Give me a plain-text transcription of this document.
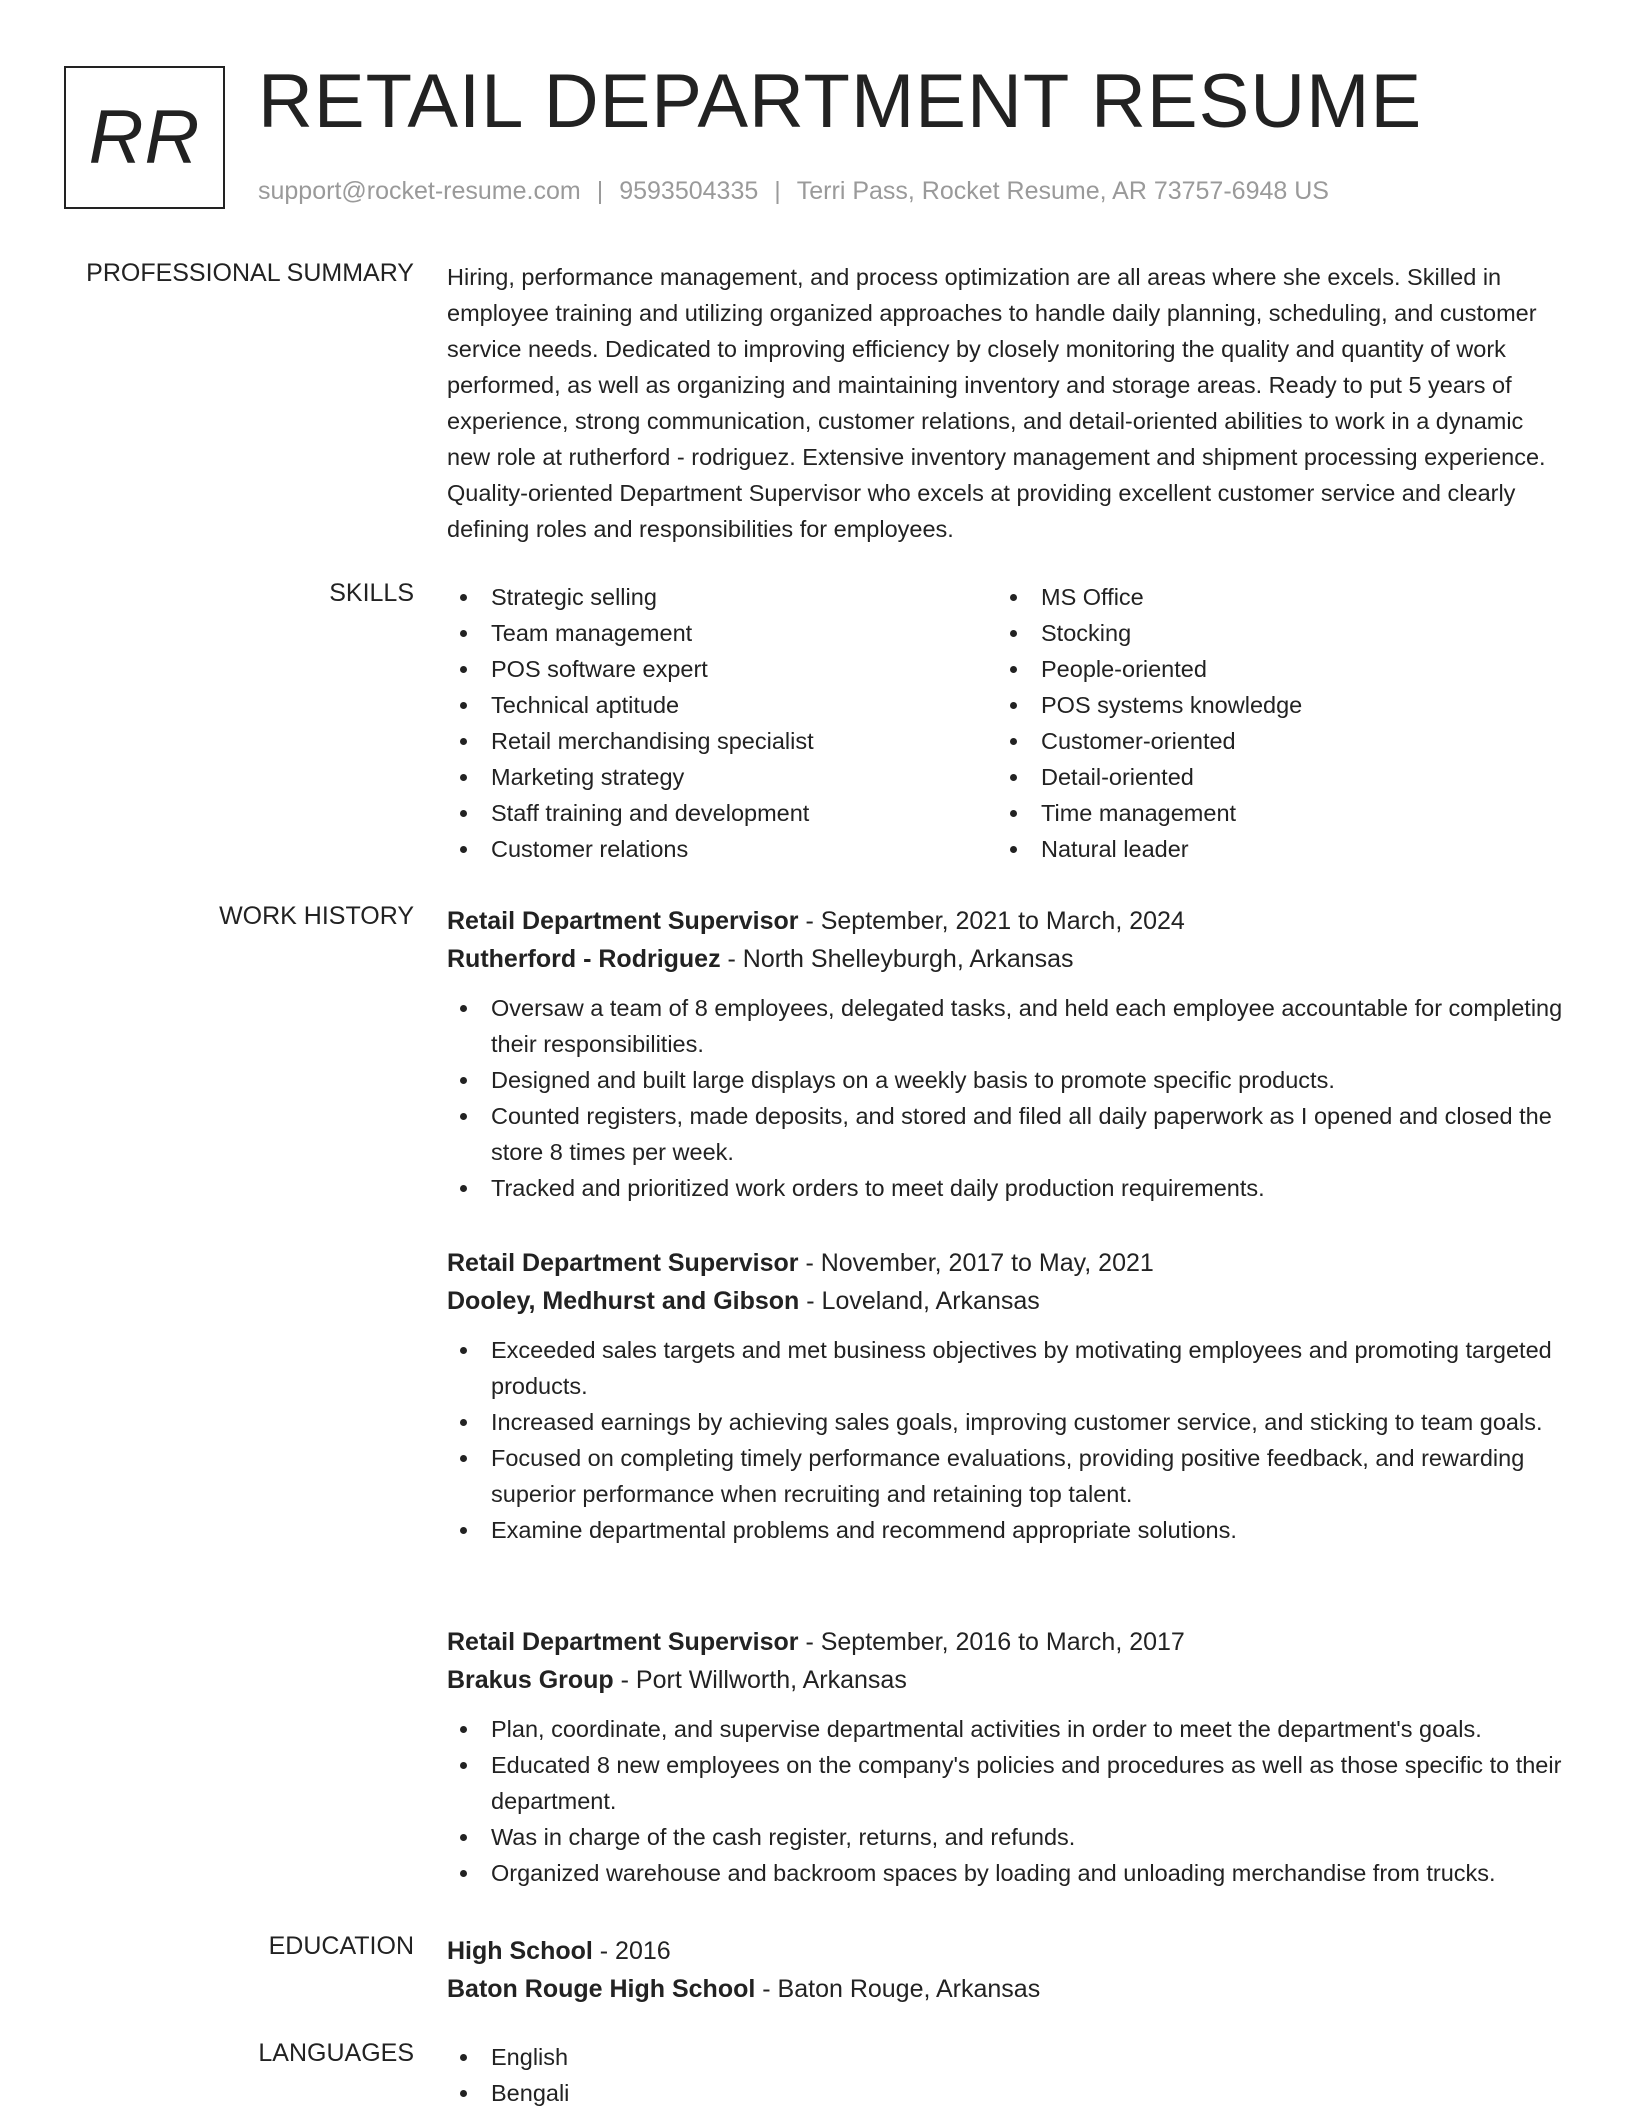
RR RETAIL DEPARTMENT RESUME
support@rocket-resume.com | 9593504335 | Terri Pass, Rocket Resume, AR 73757-6948 US
PROFESSIONAL SUMMARY Hiring, performance management, and process optimization are all areas where she excels. Skilled in employee training and utilizing organized approaches to handle daily planning, scheduling, and customer service needs. Dedicated to improving efficiency by closely monitoring the quality and quantity of work performed, as well as organizing and maintaining inventory and storage areas. Ready to put 5 years of experience, strong communication, customer relations, and detail-oriented abilities to work in a dynamic new role at rutherford - rodriguez. Extensive inventory management and shipment processing experience. Quality-oriented Department Supervisor who excels at providing excellent customer service and clearly defining roles and responsibilities for employees.
SKILLS	Strategic selling
Team management
POS software expert
Technical aptitude
Retail merchandising specialist
Marketing strategy
Staff training and development
Customer relations
MS Office
Stocking
People-oriented
POS systems knowledge
Customer-oriented
Detail-oriented
Time management
Natural leader
WORK HISTORY Retail Department Supervisor - September, 2021 to March, 2024
Rutherford - Rodriguez - North Shelleyburgh, Arkansas
Oversaw a team of 8 employees, delegated tasks, and held each employee accountable for completing their responsibilities.
Designed and built large displays on a weekly basis to promote specific products.
Counted registers, made deposits, and stored and filed all daily paperwork as I opened and closed the store 8 times per week.
Tracked and prioritized work orders to meet daily production requirements.
Retail Department Supervisor - November, 2017 to May, 2021
Dooley, Medhurst and Gibson - Loveland, Arkansas
Exceeded sales targets and met business objectives by motivating employees and promoting targeted products.
Increased earnings by achieving sales goals, improving customer service, and sticking to team goals.
Focused on completing timely performance evaluations, providing positive feedback, and rewarding superior performance when recruiting and retaining top talent.
Examine departmental problems and recommend appropriate solutions.
Retail Department Supervisor - September, 2016 to March, 2017
Brakus Group - Port Willworth, Arkansas
Plan, coordinate, and supervise departmental activities in order to meet the department's goals.
Educated 8 new employees on the company's policies and procedures as well as those specific to their department.
Was in charge of the cash register, returns, and refunds.
Organized warehouse and backroom spaces by loading and unloading merchandise from trucks.
EDUCATION High School - 2016
Baton Rouge High School - Baton Rouge, Arkansas
LANGUAGES	English
Bengali
